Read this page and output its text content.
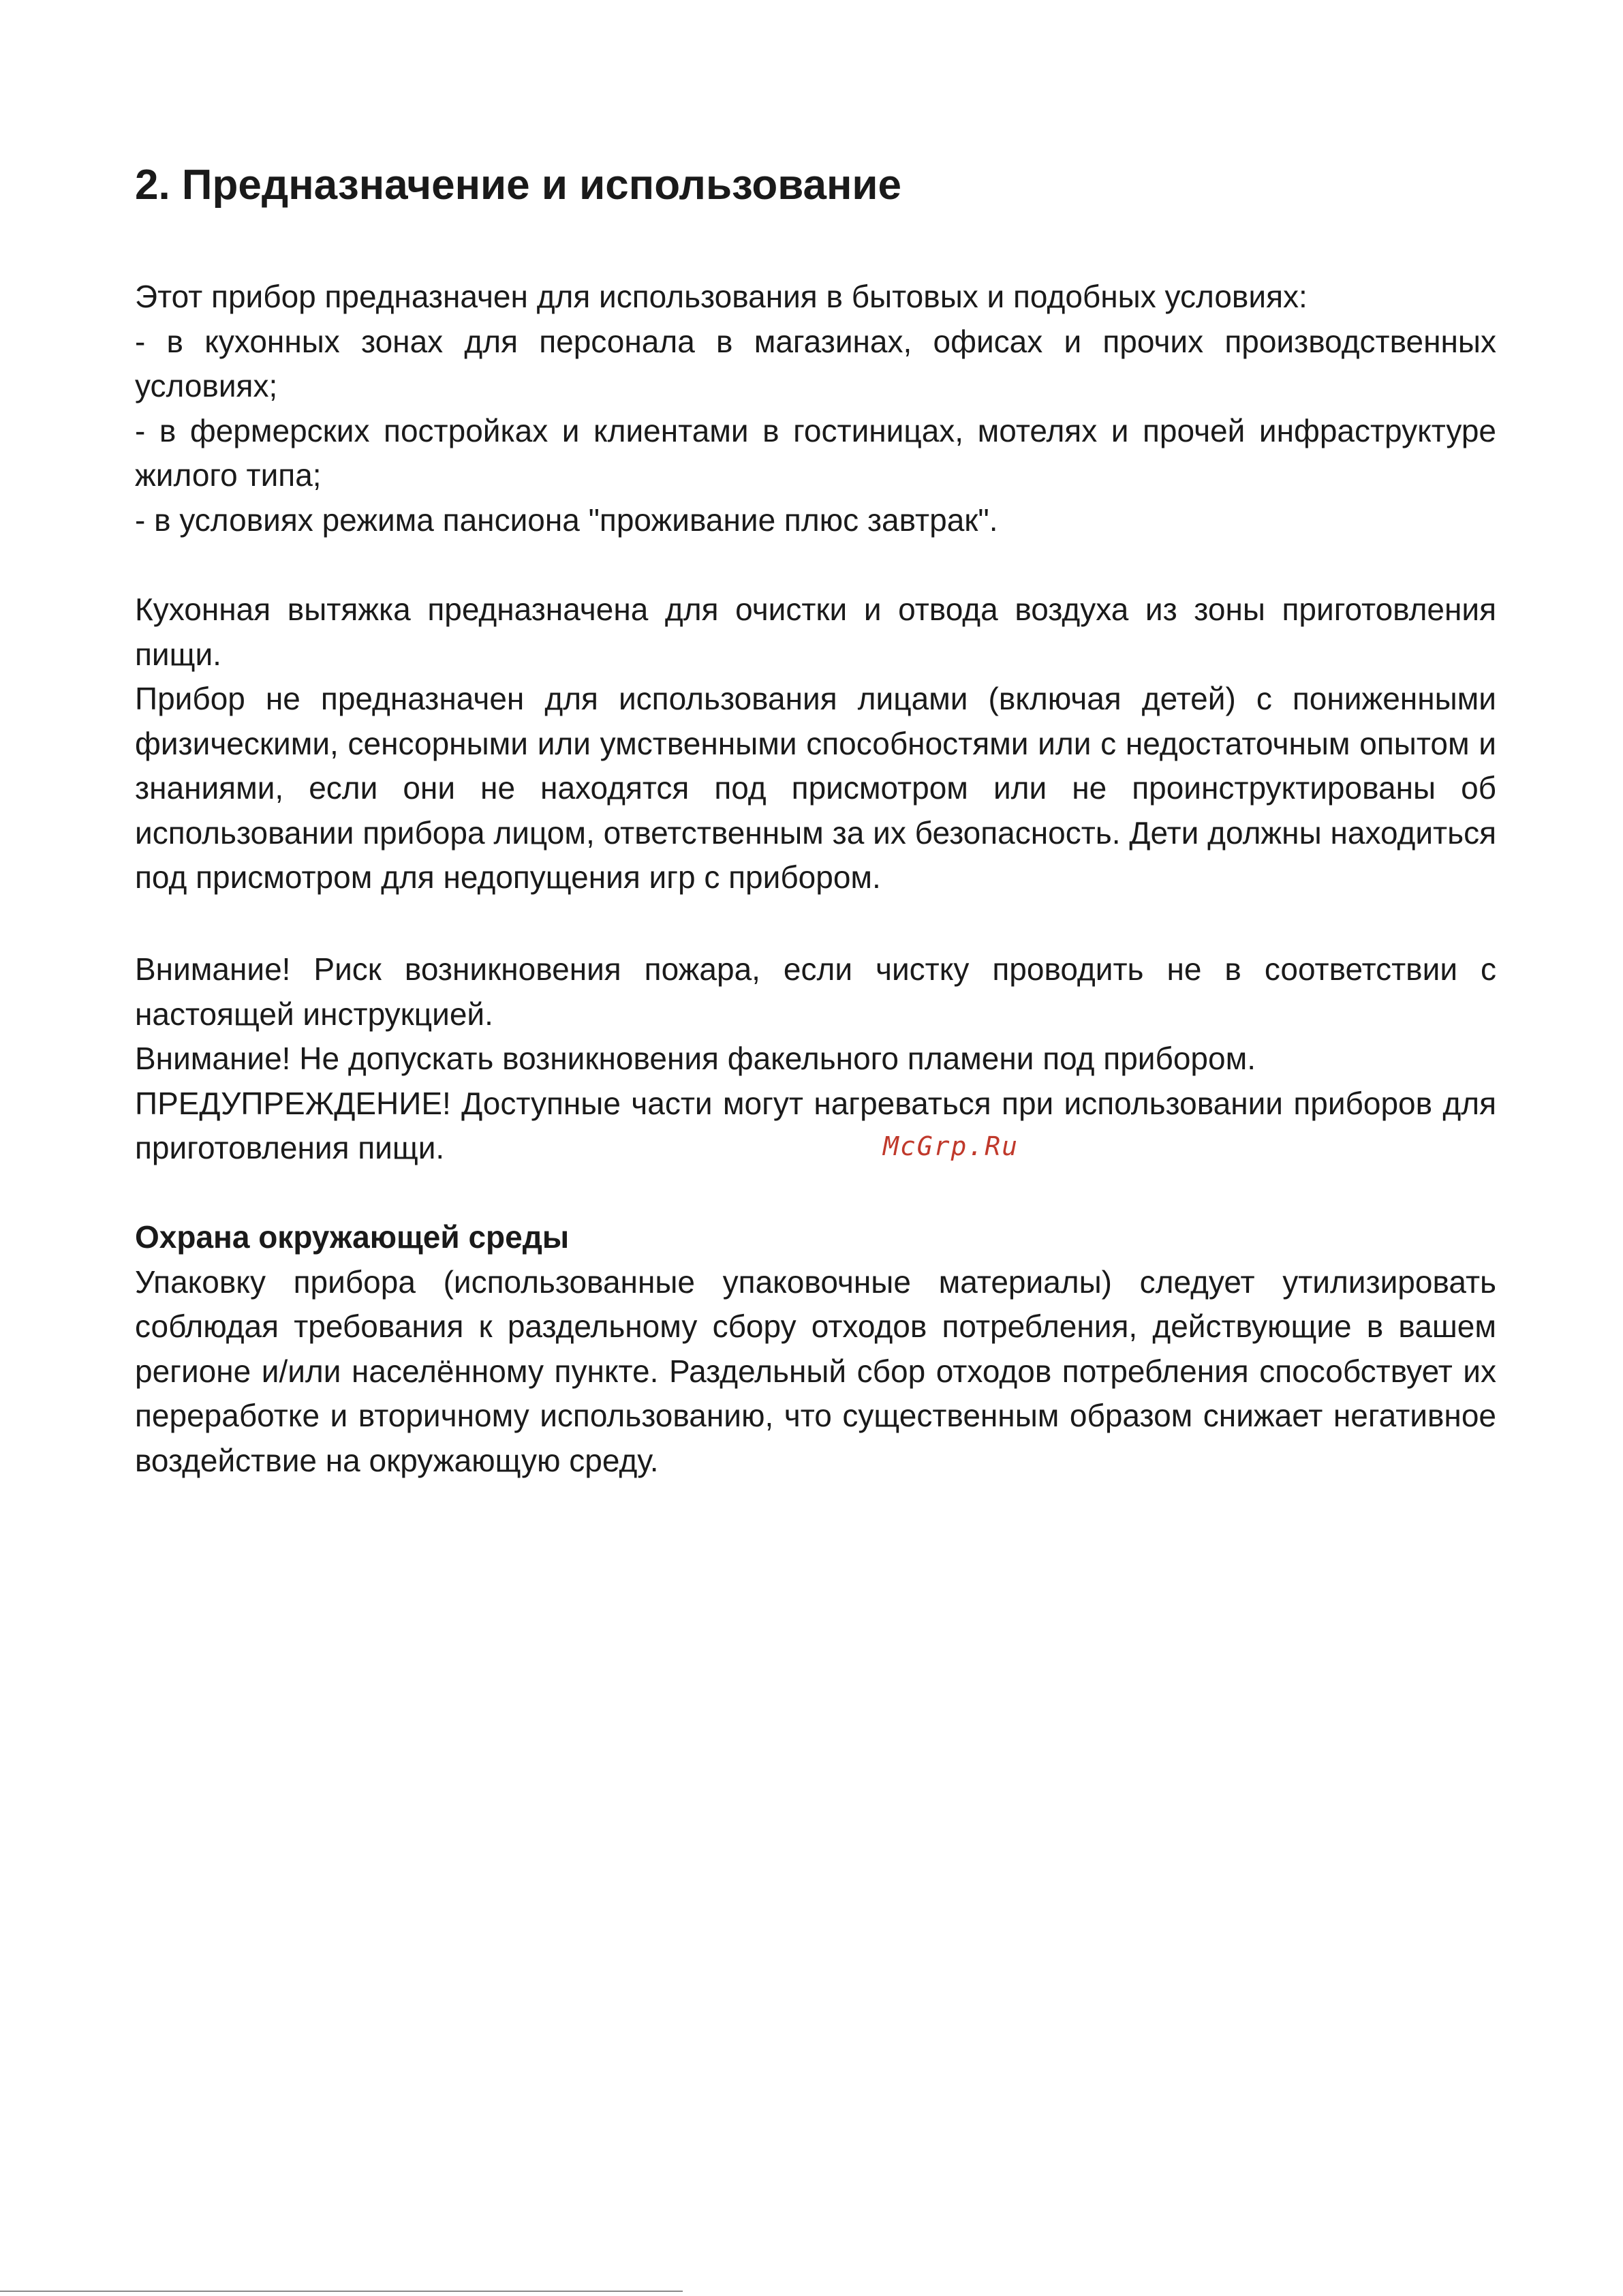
2. Предназначение и использование

Этот прибор предназначен для использования в бытовых и подобных условиях:

- в кухонных зонах для персонала в магазинах, офисах и прочих производственных условиях;

- в фермерских постройках и клиентами в гостиницах, мотелях и прочей инфраструктуре жилого типа;

- в условиях режима пансиона "проживание плюс завтрак".

Кухонная вытяжка предназначена для очистки и отвода воздуха из зоны приготовления пищи.

Прибор не предназначен для использования лицами (включая детей) с пониженными физическими, сенсорными или умственными способностями или с недостаточным опытом и знаниями, если они не находятся под присмотром или не проинструктированы об использовании прибора лицом, ответственным за их безопасность. Дети должны находиться под присмотром для недопущения игр с прибором.

Внимание! Риск возникновения пожара, если чистку проводить не в соответствии с настоящей инструкцией.

Внимание! Не допускать возникновения факельного пламени под прибором.

ПРЕДУПРЕЖДЕНИЕ! Доступные части могут нагреваться при использовании приборов для приготовления пищи.	McGrp.Ru

Охрана окружающей среды

Упаковку прибора (использованные упаковочные материалы) следует утилизировать соблюдая требования к раздельному сбору отходов потребления, действующие в вашем регионе и/или населённому пункте. Раздельный сбор отходов потребления способствует их переработке и вторичному использованию, что существенным образом снижает негативное воздействие на окружающую среду.
